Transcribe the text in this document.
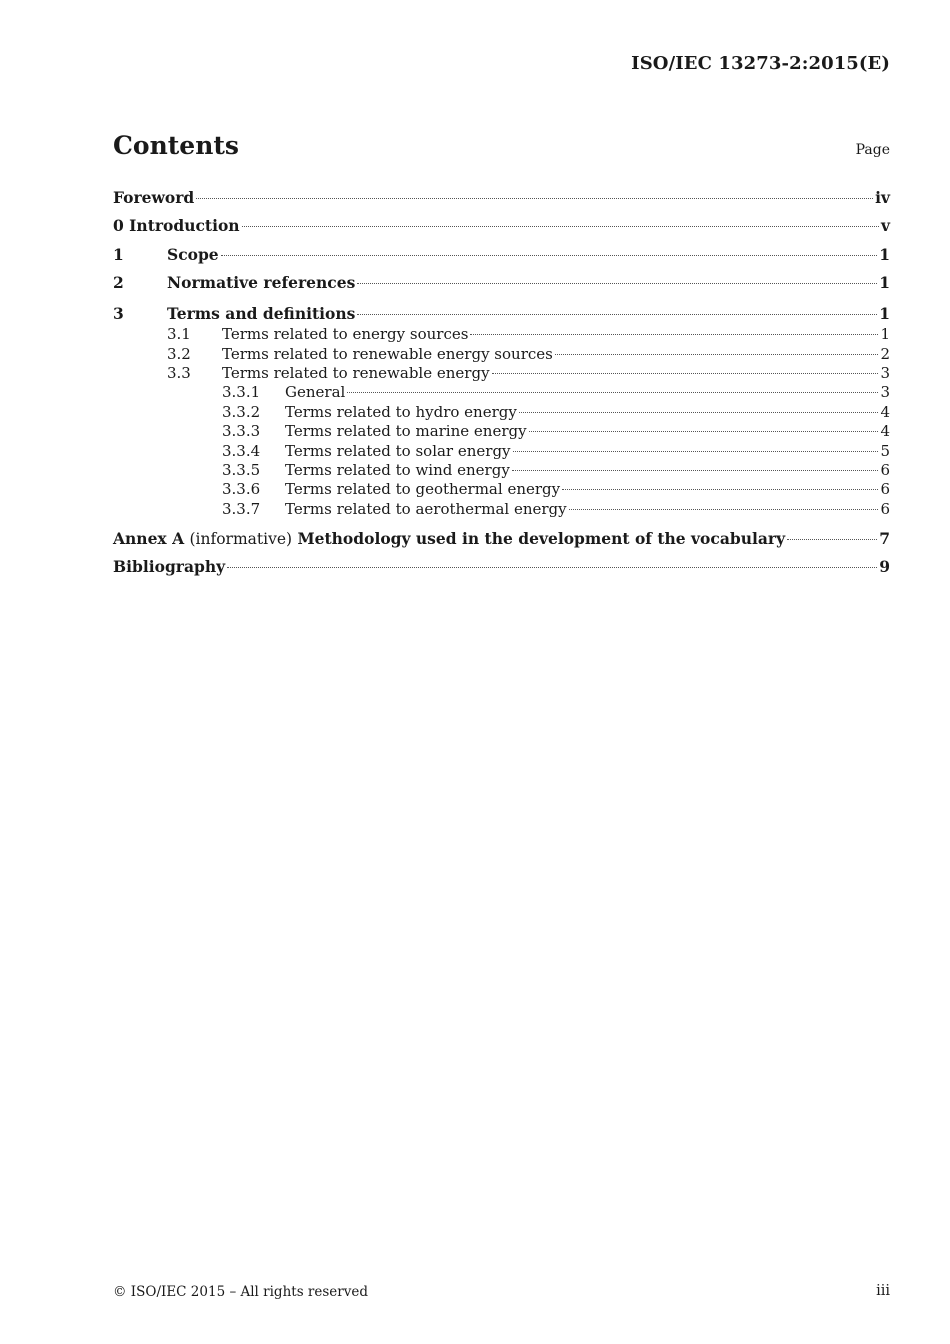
ISO/IEC 13273-2:2015(E)
Contents	Page
Foreword	iv
0 Introduction	v
1	Scope	1
2	Normative references	1
3	Terms and definitions	1
3.1	Terms related to energy sources	1
3.2	Terms related to renewable energy sources	2
3.3	Terms related to renewable energy	3
3.3.1	General	3
3.3.2	Terms related to hydro energy	4
3.3.3	Terms related to marine energy	4
3.3.4	Terms related to solar energy	5
3.3.5	Terms related to wind energy	6
3.3.6	Terms related to geothermal energy	6
3.3.7	Terms related to aerothermal energy	6
Annex A (informative) Methodology used in the development of the vocabulary	7
Bibliography	9
© ISO/IEC 2015 – All rights reserved	iii
